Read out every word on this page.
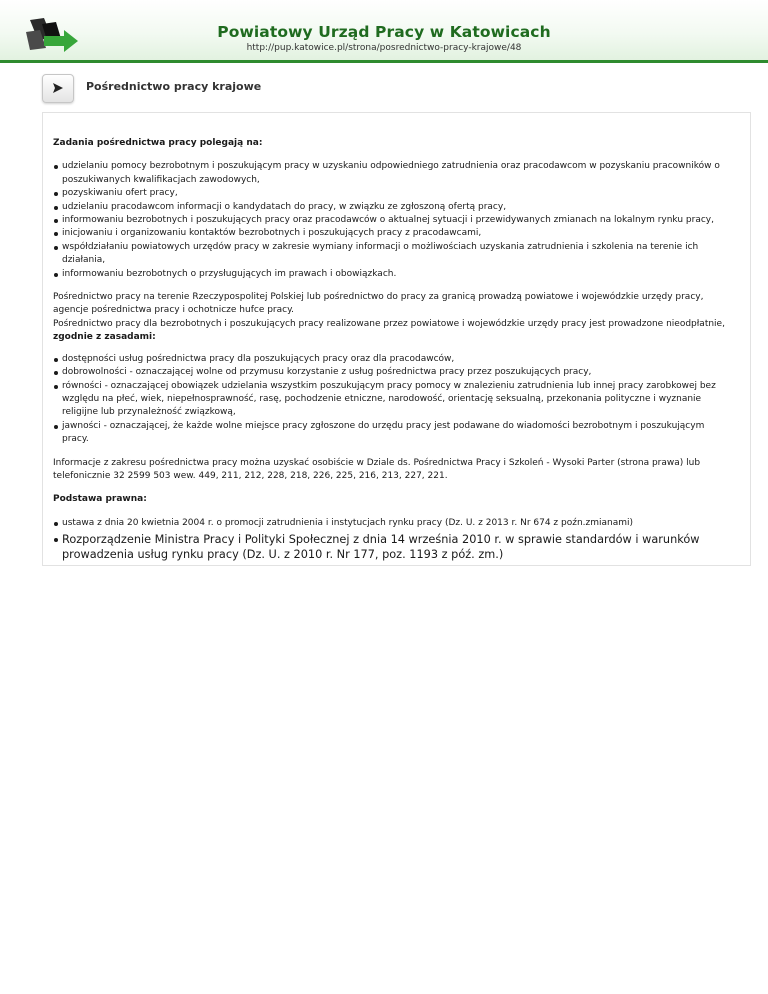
Powiatowy Urząd Pracy w Katowicach
http://pup.katowice.pl/strona/posrednictwo-pracy-krajowe/48
Pośrednictwo pracy krajowe

Zadania pośrednictwa pracy polegają na:

udzielaniu pomocy bezrobotnym i poszukującym pracy w uzyskaniu odpowiedniego zatrudnienia oraz pracodawcom w pozyskaniu pracowników o poszukiwanych kwalifikacjach zawodowych,
pozyskiwaniu ofert pracy,
udzielaniu pracodawcom informacji o kandydatach do pracy, w związku ze zgłoszoną ofertą pracy,
informowaniu bezrobotnych i poszukujących pracy oraz pracodawców o aktualnej sytuacji i przewidywanych zmianach na lokalnym rynku pracy,
inicjowaniu i organizowaniu kontaktów bezrobotnych i poszukujących pracy z pracodawcami,
współdziałaniu powiatowych urzędów pracy w zakresie wymiany informacji o możliwościach uzyskania zatrudnienia i szkolenia na terenie ich działania,
informowaniu bezrobotnych o przysługujących im prawach i obowiązkach.

Pośrednictwo pracy na terenie Rzeczypospolitej Polskiej lub pośrednictwo do pracy za granicą prowadzą powiatowe i wojewódzkie urzędy pracy, agencje pośrednictwa pracy i ochotnicze hufce pracy.

Pośrednictwo pracy dla bezrobotnych i poszukujących pracy realizowane przez powiatowe i wojewódzkie urzędy pracy jest prowadzone nieodpłatnie, zgodnie z zasadami:

dostępności usług pośrednictwa pracy dla poszukujących pracy oraz dla pracodawców,
dobrowolności - oznaczającej wolne od przymusu korzystanie z usług pośrednictwa pracy przez poszukujących pracy,
równości - oznaczającej obowiązek udzielania wszystkim poszukującym pracy pomocy w znalezieniu zatrudnienia lub innej pracy zarobkowej bez względu na płeć, wiek, niepełnosprawność, rasę, pochodzenie etniczne, narodowość, orientację seksualną, przekonania polityczne i wyznanie religijne lub przynależność związkową,
jawności - oznaczającej, że każde wolne miejsce pracy zgłoszone do urzędu pracy jest podawane do wiadomości bezrobotnym i poszukującym pracy.

Informacje z zakresu pośrednictwa pracy można uzyskać osobiście w Dziale ds. Pośrednictwa Pracy i Szkoleń - Wysoki Parter (strona prawa) lub telefonicznie 32 2599 503 wew. 449, 211, 212, 228, 218, 226, 225, 216, 213, 227, 221.

Podstawa prawna:

ustawa z dnia 20 kwietnia 2004 r. o promocji zatrudnienia i instytucjach rynku pracy (Dz. U. z 2013 r. Nr 674 z poźn.zmianami)
Rozporządzenie Ministra Pracy i Polityki Społecznej z dnia 14 września 2010 r. w sprawie standardów i warunków prowadzenia usług rynku pracy (Dz. U. z 2010 r. Nr 177, poz. 1193 z póź. zm.)
